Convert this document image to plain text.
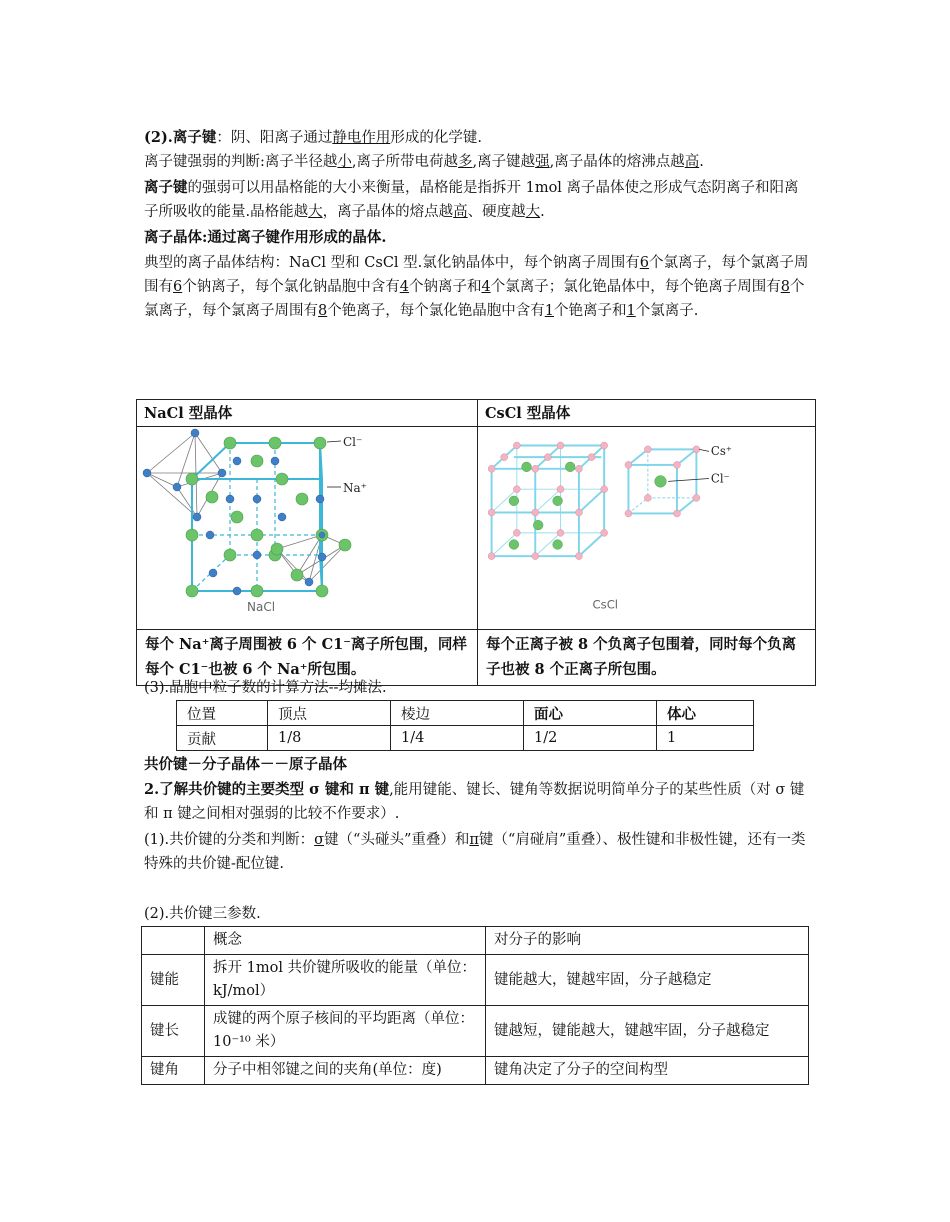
(2).离子键：阴、阳离子通过静电作用形成的化学键.
离子键强弱的判断:离子半径越小,离子所带电荷越多,离子键越强,离子晶体的熔沸点越高.
离子键的强弱可以用晶格能的大小来衡量，晶格能是指拆开 1mol 离子晶体使之形成气态阴离子和阳离子所吸收的能量.晶格能越大，离子晶体的熔点越高、硬度越大.
离子晶体:通过离子键作用形成的晶体.
典型的离子晶体结构：NaCl 型和 CsCl 型.氯化钠晶体中，每个钠离子周围有6个氯离子，每个氯离子周围有6个钠离子，每个氯化钠晶胞中含有4个钠离子和4个氯离子；氯化铯晶体中，每个铯离子周围有8个氯离子，每个氯离子周围有8个铯离子，每个氯化铯晶胞中含有1个铯离子和1个氯离子.
NaCl 型晶体	CsCl 型晶体

Cl⁻
Na⁺
NaCl	Cs⁺
Cl⁻
CsCl

每个 Na⁺离子周围被 6 个 C1⁻离子所包围，同样每个 C1⁻也被 6 个 Na⁺所包围。	每个正离子被 8 个负离子包围着，同时每个负离子也被 8 个正离子所包围。
(3).晶胞中粒子数的计算方法--均摊法.
位置	顶点	棱边	面心	体心
贡献	1/8	1/4	1/2	1
共价键－分子晶体－－原子晶体
2.了解共价键的主要类型 σ 键和 π 键,能用键能、键长、键角等数据说明简单分子的某些性质（对 σ 键和 π 键之间相对强弱的比较不作要求）.
(1).共价键的分类和判断：σ键（“头碰头”重叠）和π键（“肩碰肩”重叠）、极性键和非极性键，还有一类特殊的共价键-配位键.
(2).共价键三参数.
	概念	对分子的影响
键能	拆开 1mol 共价键所吸收的能量（单位：kJ/mol）	键能越大，键越牢固，分子越稳定
键长	成键的两个原子核间的平均距离（单位：10⁻¹⁰ 米）	键越短，键能越大，键越牢固，分子越稳定
键角	分子中相邻键之间的夹角(单位：度)	键角决定了分子的空间构型
